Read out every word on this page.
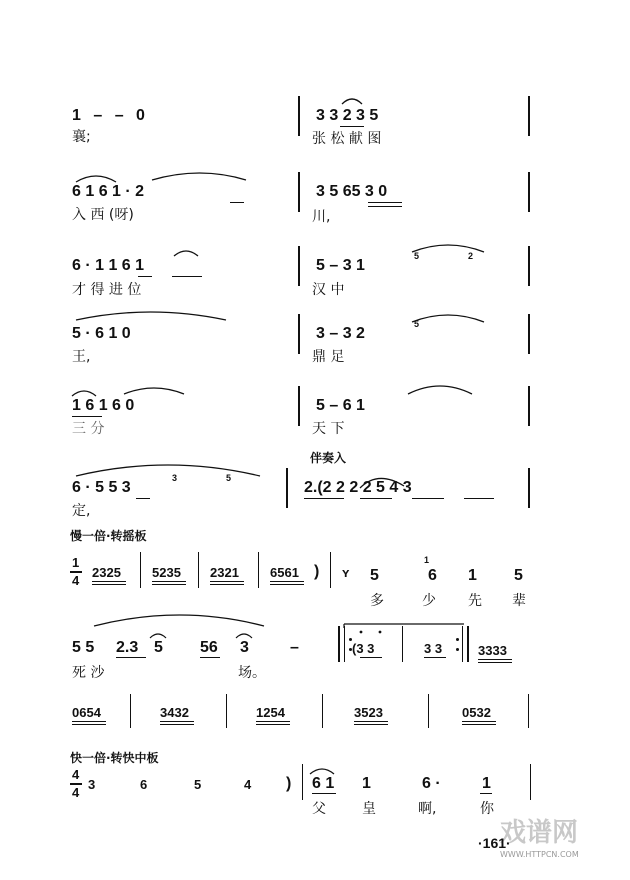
1 – – 0
襄;
3 3 2 3 5
张 松 献 图
6 1 6 1 · 2
入 西 (呀)
3 5 65 3 0
川,
6 · 1 1 6 1
才 得 进 位
5 – 3 1
汉 中
5 · 6 1 0
王,
3 – 3 2
鼎 足
1 6 1 6 0
三 分
5 – 6 1
天 下
伴奏入
6 · 5 5 3
定,
2.(2 2 2 2 5 4 3
5	2
5
3	5
慢一倍·转摇板
1
4
2325 5235 2321 6561 ) ʏ 5	6 1 5
1
多	少 先 辈
5 5 2.3 5 56 3	–
死 沙	场。
(3 3	3 3	3333
0654	3432	1254	3523	0532
快一倍·转快中板
4
4
3	6	5	4 ) 6 1 1	6 ·	1
父	皇	啊,	你
戏谱网
WWW.HTTPCN.COM
·161·
